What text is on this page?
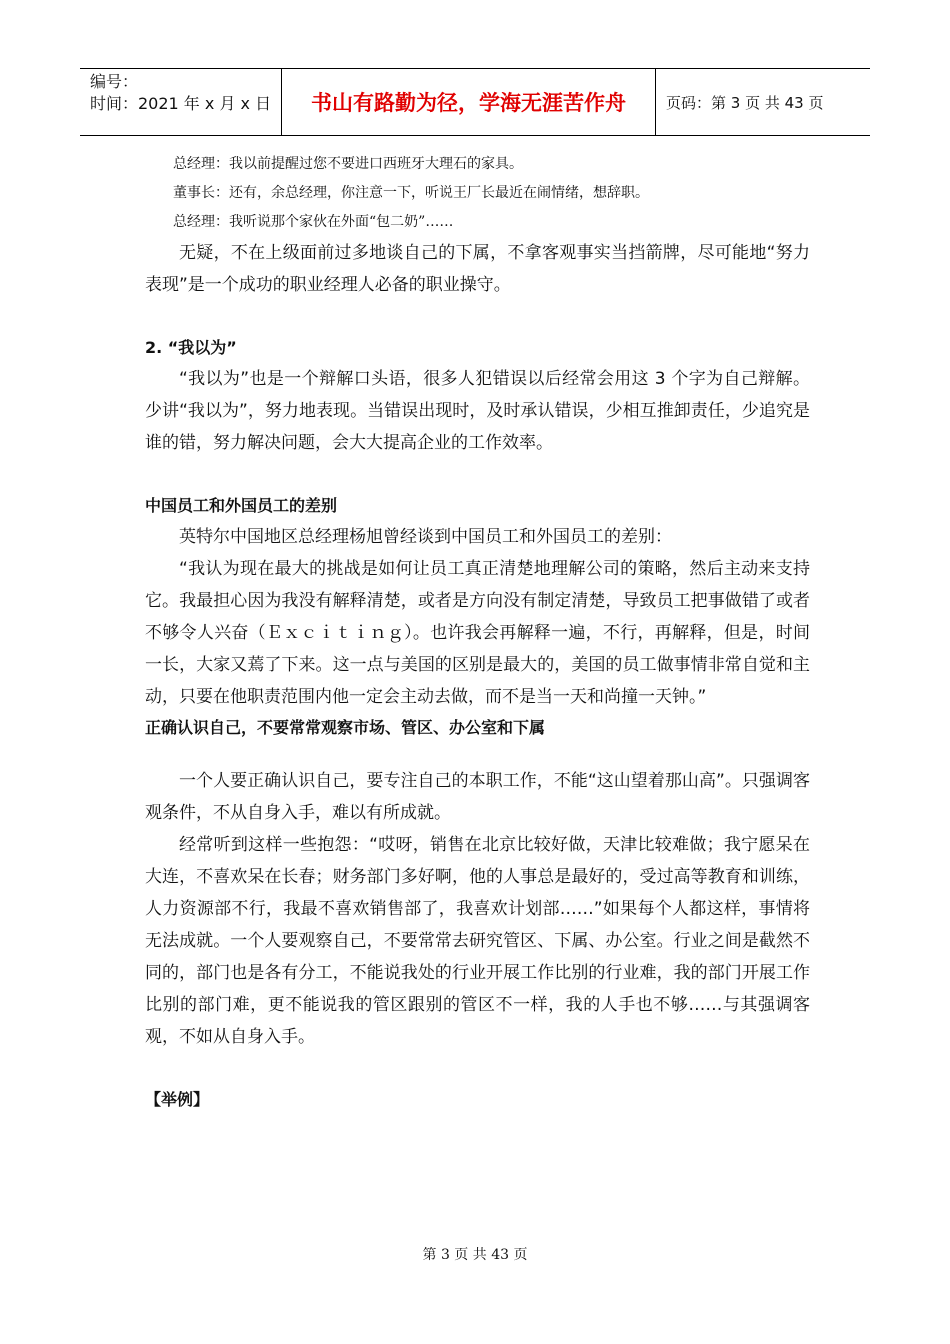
编号：
时间：2021 年 x 月 x 日	书山有路勤为径，学海无涯苦作舟	页码：第 3 页 共 43 页

总经理：我以前提醒过您不要进口西班牙大理石的家具。

董事长：还有，余总经理，你注意一下，听说王厂长最近在闹情绪，想辞职。

总经理：我听说那个家伙在外面“包二奶”……

无疑，不在上级面前过多地谈自己的下属，不拿客观事实当挡箭牌，尽可能地“努力表现”是一个成功的职业经理人必备的职业操守。

2. “我以为”

“我以为”也是一个辩解口头语，很多人犯错误以后经常会用这 3 个字为自己辩解。少讲“我以为”，努力地表现。当错误出现时，及时承认错误，少相互推卸责任，少追究是谁的错，努力解决问题，会大大提高企业的工作效率。

中国员工和外国员工的差别

英特尔中国地区总经理杨旭曾经谈到中国员工和外国员工的差别：

“我认为现在最大的挑战是如何让员工真正清楚地理解公司的策略，然后主动来支持它。我最担心因为我没有解释清楚，或者是方向没有制定清楚，导致员工把事做错了或者不够令人兴奋（Ｅｘｃｉｔｉｎｇ）。也许我会再解释一遍，不行，再解释，但是，时间一长，大家又蔫了下来。这一点与美国的区别是最大的，美国的员工做事情非常自觉和主动，只要在他职责范围内他一定会主动去做，而不是当一天和尚撞一天钟。”

正确认识自己，不要常常观察市场、管区、办公室和下属

一个人要正确认识自己，要专注自己的本职工作，不能“这山望着那山高”。只强调客观条件，不从自身入手，难以有所成就。

经常听到这样一些抱怨：“哎呀，销售在北京比较好做，天津比较难做；我宁愿呆在大连，不喜欢呆在长春；财务部门多好啊，他的人事总是最好的，受过高等教育和训练，人力资源部不行，我最不喜欢销售部了，我喜欢计划部……”如果每个人都这样，事情将无法成就。一个人要观察自己，不要常常去研究管区、下属、办公室。行业之间是截然不同的，部门也是各有分工，不能说我处的行业开展工作比别的行业难，我的部门开展工作比别的部门难，更不能说我的管区跟别的管区不一样，我的人手也不够……与其强调客观，不如从自身入手。

【举例】
第 3 页 共 43 页
